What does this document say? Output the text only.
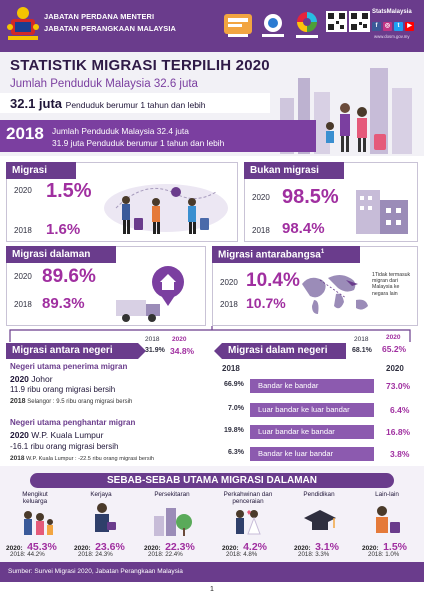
JABATAN PERDANA MENTERI
JABATAN PERANGKAAN MALAYSIA
StatsMalaysia
f	◎	t	▶
www.dosm.gov.my
STATISTIK MIGRASI TERPILIH 2020
Jumlah Penduduk Malaysia 32.6 juta
32.1 juta Penduduk berumur 1 tahun dan lebih
2018 Jumlah Penduduk Malaysia 32.4 juta
31.9 juta Penduduk berumur 1 tahun dan lebih
Migrasi
2020 1.5%
2018 1.6%
Bukan migrasi
2020 98.5%
2018 98.4%
Migrasi dalaman
2020 89.6%
2018 89.3%
Migrasi antarabangsa$^1$
2020 10.4%
2018 10.7%
1Tidak termasuk migran dari Malaysia ke negara lain
Migrasi antara negeri
2018
31.9%
2020
34.8%
Negeri utama penerima migran
2020 Johor
11.9 ribu orang migrasi bersih
2018 Selangor : 9.5 ribu orang migrasi bersih
Negeri utama penghantar migran
2020 W.P. Kuala Lumpur
-16.1 ribu orang migrasi bersih
2018 W.P. Kuala Lumpur : -22.5 ribu orang migrasi bersih
Migrasi dalam negeri
2018
68.1%
2020
65.2%
2018	2020
66.9%	Bandar ke bandar	73.0%
7.0%	Luar bandar ke luar bandar	6.4%
19.8%	Luar bandar ke bandar	16.8%
6.3%	Bandar ke luar bandar	3.8%
SEBAB-SEBAB UTAMA MIGRASI DALAMAN
Mengikut keluarga
2020: 45.3%
2018: 44.2%
Kerjaya
2020: 23.6%
2018: 24.3%
Persekitaran
2020: 22.3%
2018: 22.4%
Perkahwinan dan penceraian
2020: 4.2%
2018: 4.8%
Pendidikan
2020: 3.1%
2018: 3.3%
Lain-lain
2020: 1.5%
2018: 1.0%
Sumber: Survei Migrasi 2020, Jabatan Perangkaan Malaysia
1
